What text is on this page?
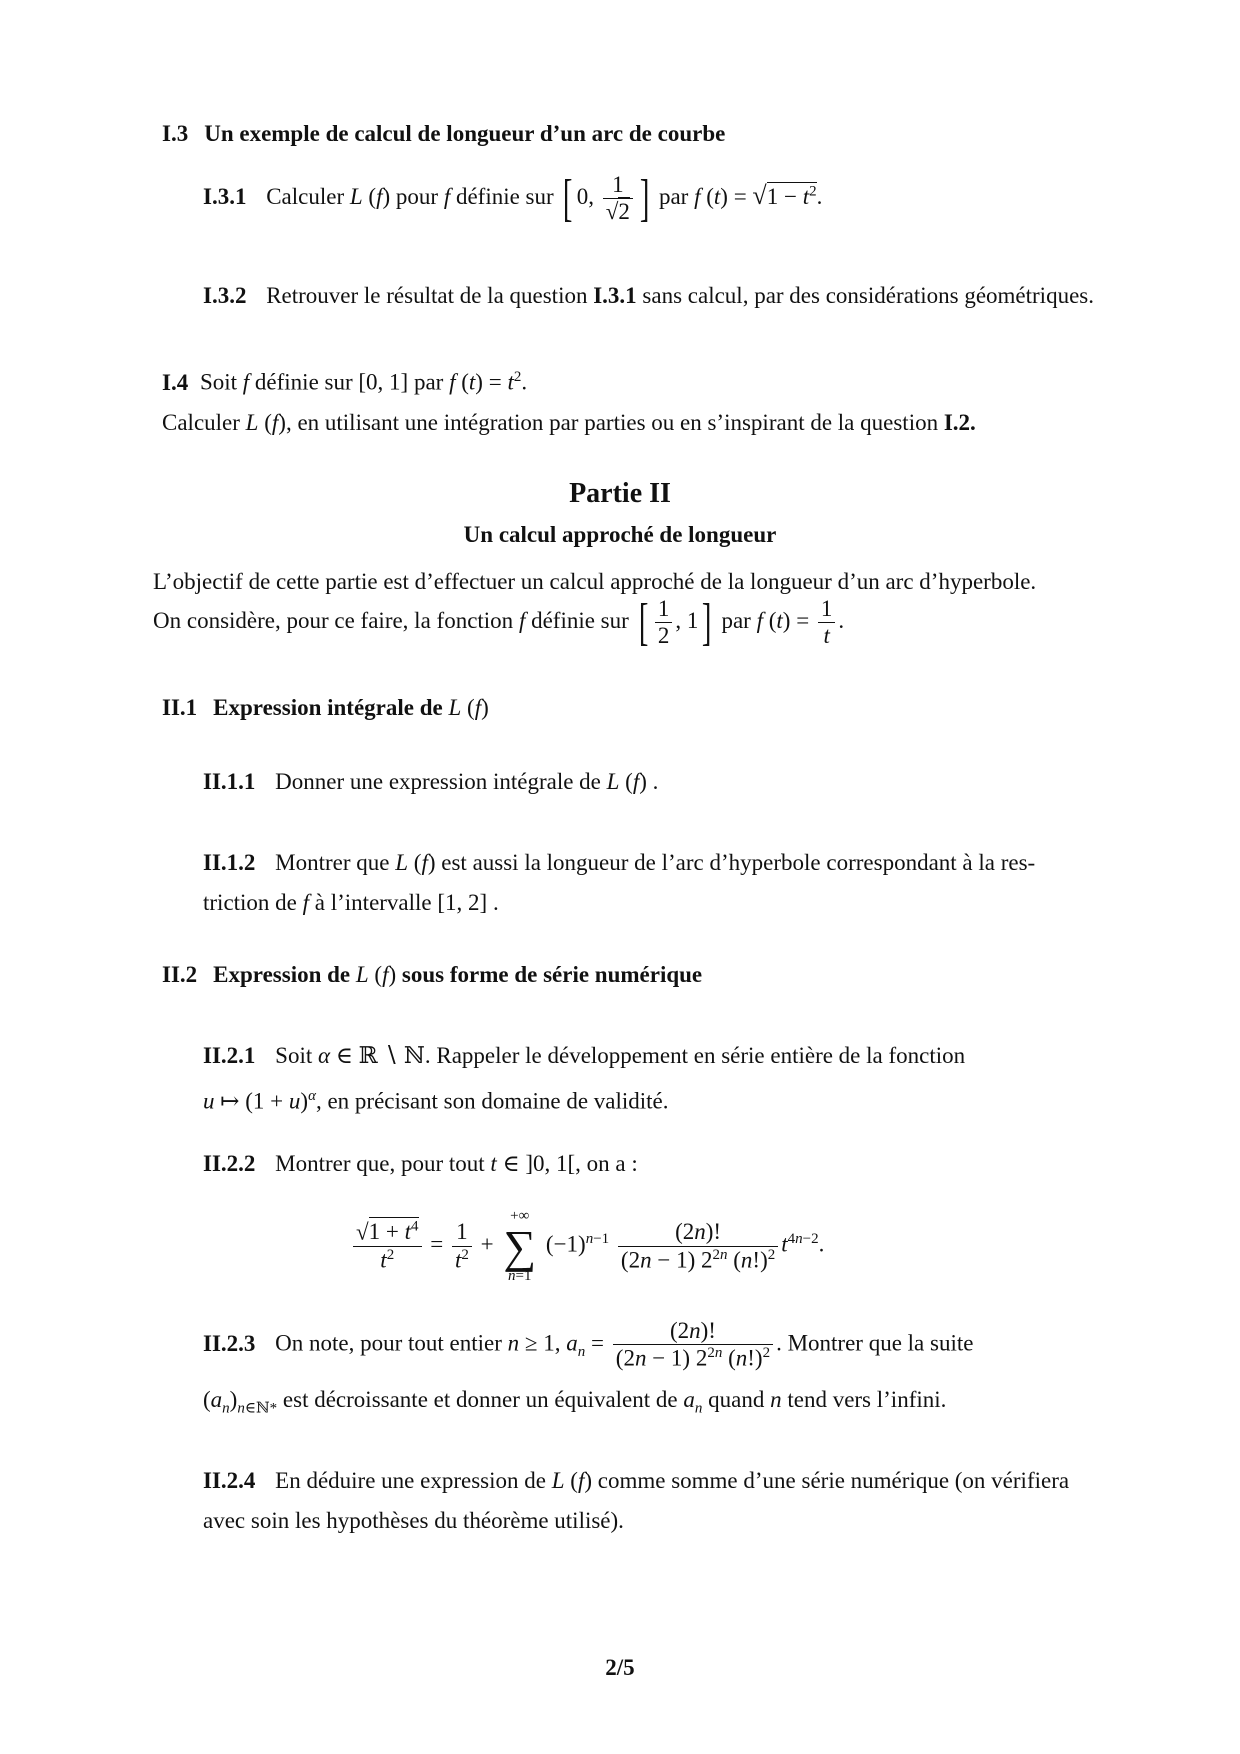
I.3 Un exemple de calcul de longueur d’un arc de courbe
I.3.1 Calculer L (f) pour f définie sur [ 0, $\frac{1}{√2}$ ] par f $(t) = √1 - t^2$.
I.3.2 Retrouver le résultat de la question I.3.1 sans calcul, par des considérations géométriques.
I.4 Soit f définie sur [0, 1] par f $(t) = t^2$.
Calculer L (f), en utilisant une intégration par parties ou en s’inspirant de la question I.2.
Partie II
Un calcul approché de longueur
L’objectif de cette partie est d’effectuer un calcul approché de la longueur d’un arc d’hyperbole.
On considère, pour ce faire, la fonction f définie sur [ $\frac{1}{2}$ , 1] par f $(t) = \frac{1}{t}$ .
II.1 Expression intégrale de L (f)
II.1.1 Donner une expression intégrale de L (f) .
II.1.2 Montrer que L (f) est aussi la longueur de l’arc d’hyperbole correspondant à la res-
triction de f à l’intervalle [1, 2] .
II.2 Expression de L (f) sous forme de série numérique
II.2.1 Soit α ∈ ℝ ∖ ℕ. Rappeler le développement en série entière de la fonction
u ↦ $(1 + u)^\alpha$, en précisant son domaine de validité.
II.2.2 Montrer que, pour tout t ∈ ]0, 1[, on a :
$\frac{√1 + t^4}{t^2} = \frac{1}{t^2}$ +
+∞
∑
n=1
$(-1)^{n-1} \frac{(2n)!}{(2n - 1) 2^{2n} (n!)^2} t^{4n-2}$.
II.2.3 On note, pour tout entier n ≥ 1, $a_n = \frac{(2n)!}{(2n - 1) 2^{2n} (n!)^2}$ . Montrer que la suite
$(a_n)_{n\in ℕ*}$ est décroissante et donner un équivalent de $a_n$ quand n tend vers l’infini.
II.2.4 En déduire une expression de L (f) comme somme d’une série numérique (on vérifiera
avec soin les hypothèses du théorème utilisé).
2/5
